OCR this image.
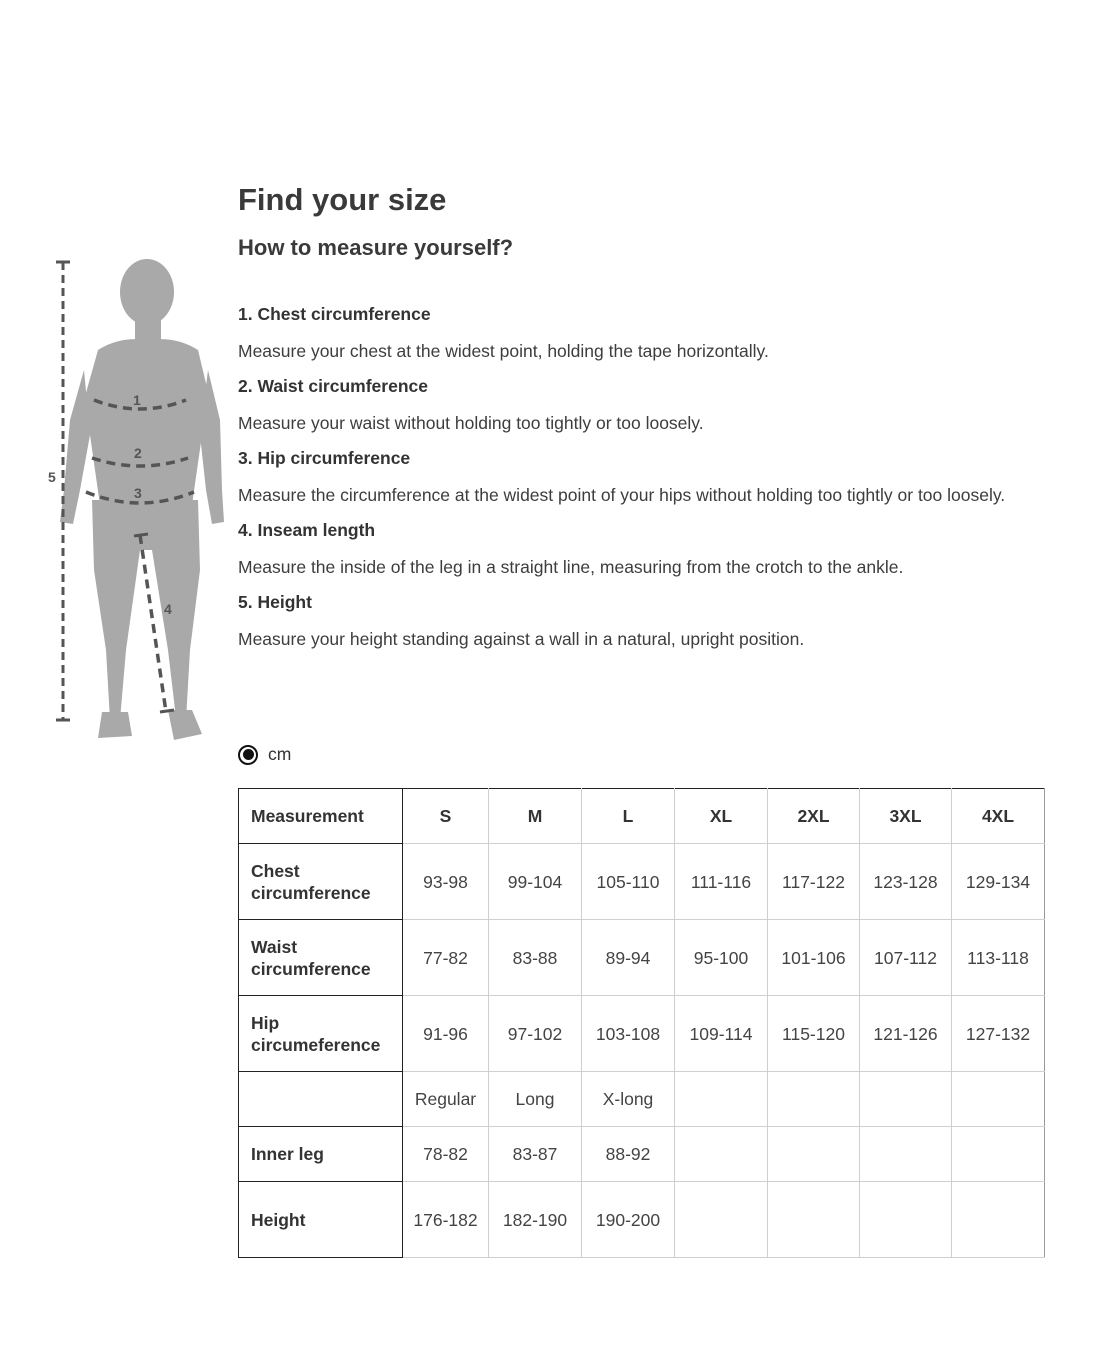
1
2
3
4
5
Find your size
How to measure yourself?

1. Chest circumference

Measure your chest at the widest point, holding the tape horizontally.

2. Waist circumference

Measure your waist without holding too tightly or too loosely.

3. Hip circumference

Measure the circumference at the widest point of your hips without holding too tightly or too loosely.

4. Inseam length

Measure the inside of the leg in a straight line, measuring from the crotch to the ankle.

5. Height

Measure your height standing against a wall in a natural, upright position.

cm
Measurement	S	M	L	XL	2XL	3XL	4XL
Chest circumference	93-98	99-104	105-110	111-116	117-122	123-128	129-134
Waist circumference	77-82	83-88	89-94	95-100	101-106	107-112	113-118
Hip circumeference	91-96	97-102	103-108	109-114	115-120	121-126	127-132
	Regular	Long	X-long				
Inner leg	78-82	83-87	88-92				
Height	176-182	182-190	190-200				
